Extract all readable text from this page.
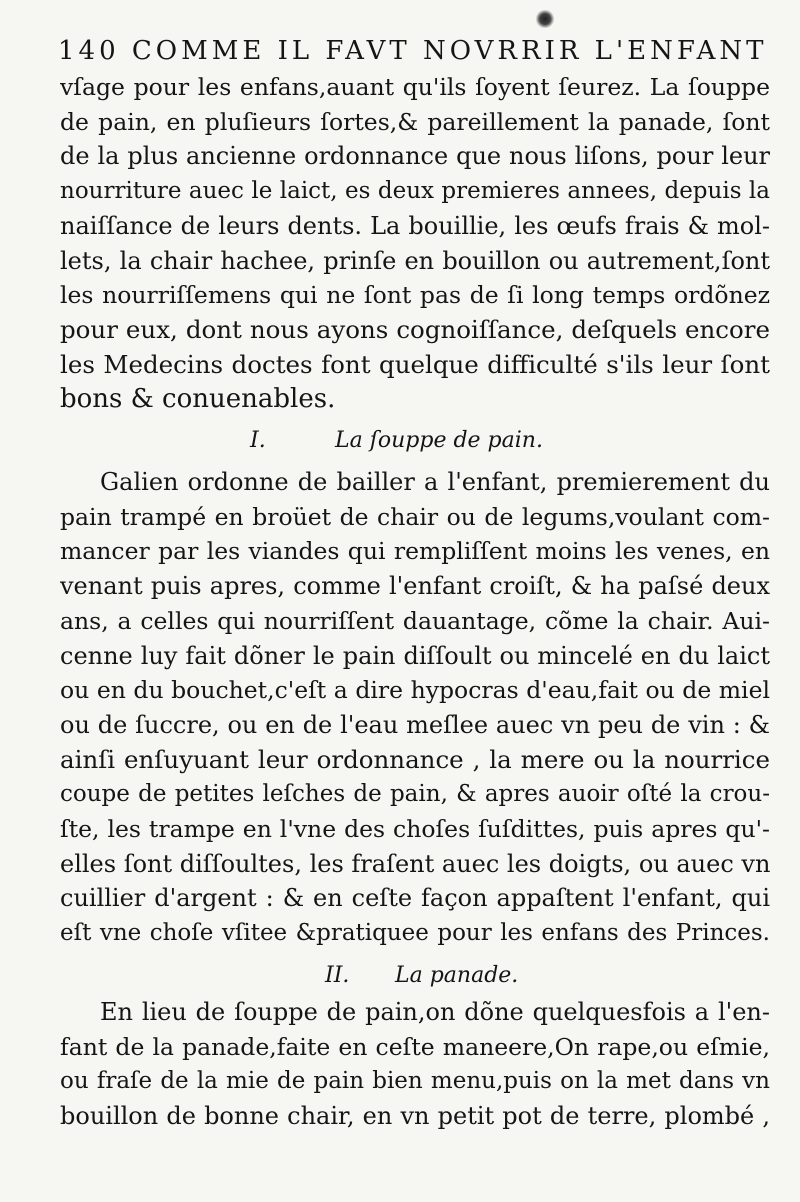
140 COMME IL FAVT NOVRRIR L'ENFANT
vſage pour les enfans,auant qu'ils ſoyent ſeurez. La ſouppe
de pain, en pluſieurs ſortes,& pareillement la panade, ſont
de la plus ancienne ordonnance que nous liſons, pour leur
nourriture auec le laict, es deux premieres annees, depuis la
naiſſance de leurs dents. La bouillie, les œufs frais & mol-
lets, la chair hachee, prinſe en bouillon ou autrement,ſont
les nourriſſemens qui ne ſont pas de ſi long temps ordõnez
pour eux, dont nous ayons cognoiſſance, deſquels encore
les Medecins doctes font quelque difficulté s'ils leur ſont
bons & conuenables.
I.	La ſouppe de pain.
Galien ordonne de bailler a l'enfant, premierement du
pain trampé en broüet de chair ou de legums,voulant com-
mancer par les viandes qui rempliſſent moins les venes, en
venant puis apres, comme l'enfant croiſt, & ha paſsé deux
ans, a celles qui nourriſſent dauantage, cõme la chair. Aui-
cenne luy fait dõner le pain diſſoult ou mincelé en du laict
ou en du bouchet,c'eſt a dire hypocras d'eau,fait ou de miel
ou de ſuccre, ou en de l'eau meſlee auec vn peu de vin : &
ainſi enſuyuant leur ordonnance , la mere ou la nourrice
coupe de petites leſches de pain, & apres auoir oſté la crou-
ſte, les trampe en l'vne des choſes ſuſdittes, puis apres qu'-
elles ſont diſſoultes, les fraſent auec les doigts, ou auec vn
cuillier d'argent : & en ceſte façon appaſtent l'enfant, qui
eſt vne choſe vſitee &pratiquee pour les enfans des Princes.
II. La panade.
En lieu de ſouppe de pain,on dõne quelquesfois a l'en-
fant de la panade,faite en ceſte maneere,On rape,ou eſmie,
ou fraſe de la mie de pain bien menu,puis on la met dans vn
bouillon de bonne chair, en vn petit pot de terre, plombé ,
